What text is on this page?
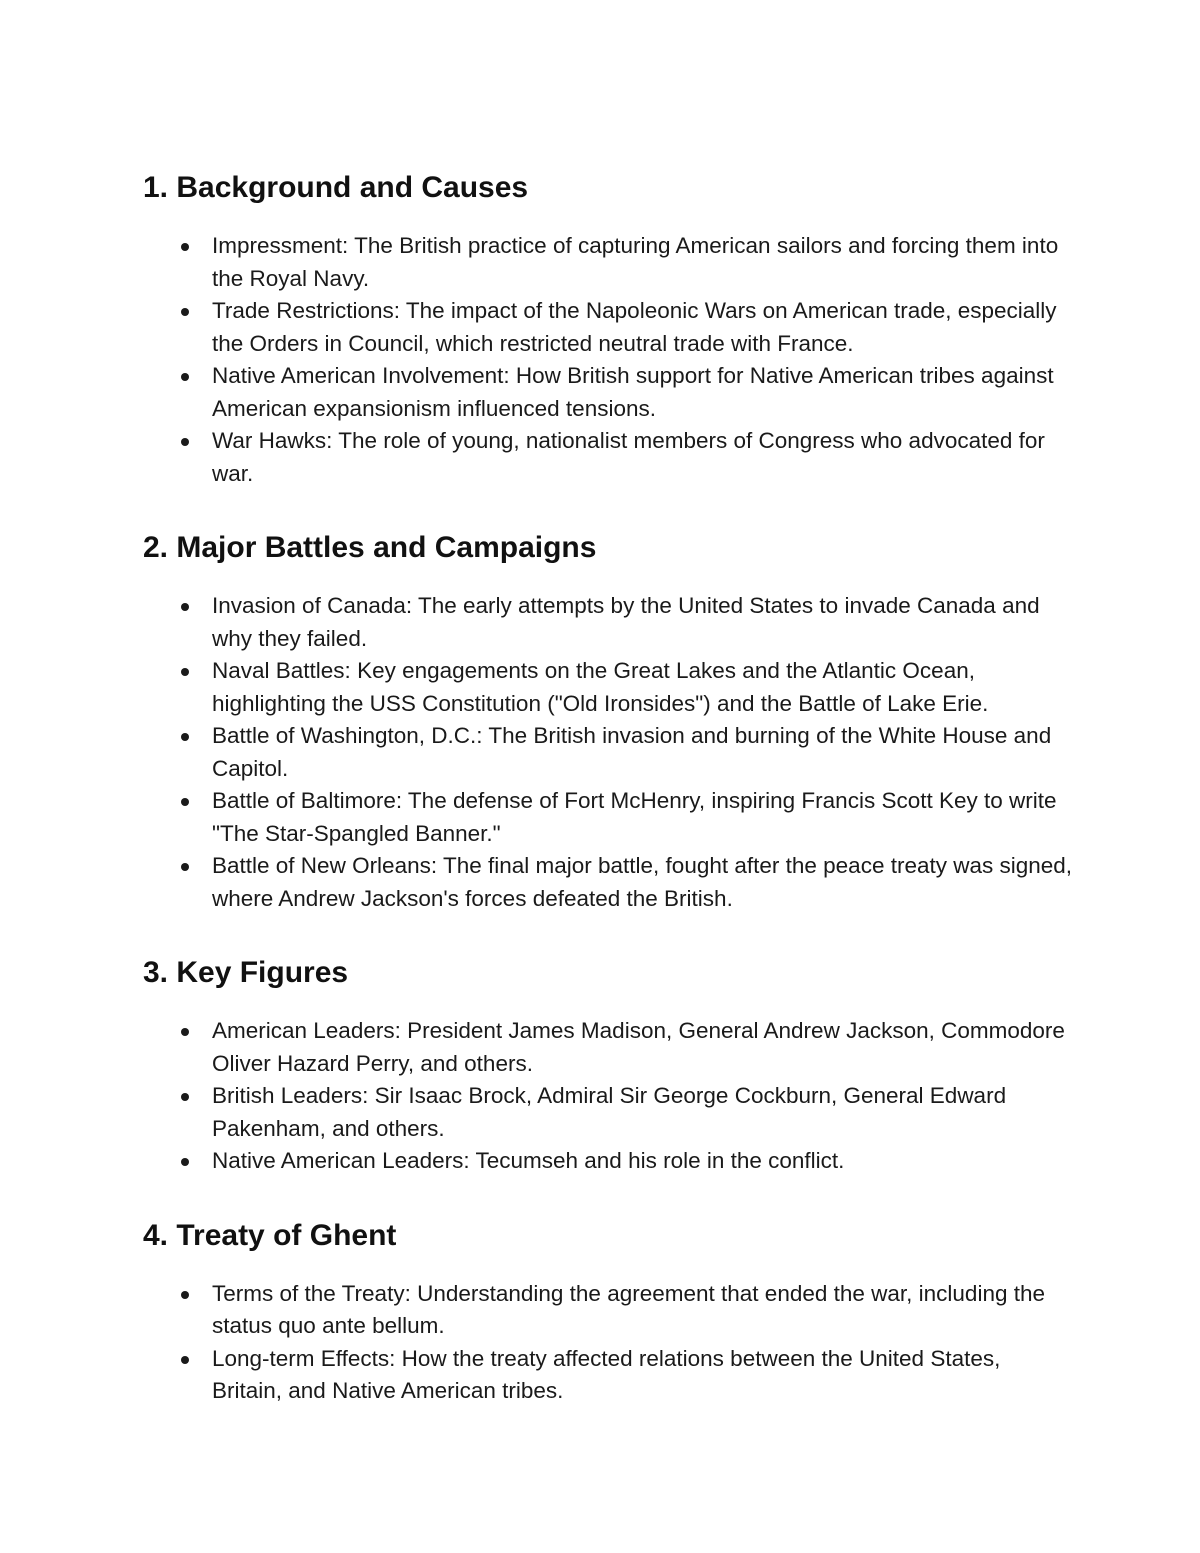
1. Background and Causes
Impressment: The British practice of capturing American sailors and forcing them into the Royal Navy.
Trade Restrictions: The impact of the Napoleonic Wars on American trade, especially the Orders in Council, which restricted neutral trade with France.
Native American Involvement: How British support for Native American tribes against American expansionism influenced tensions.
War Hawks: The role of young, nationalist members of Congress who advocated for war.
2. Major Battles and Campaigns
Invasion of Canada: The early attempts by the United States to invade Canada and why they failed.
Naval Battles: Key engagements on the Great Lakes and the Atlantic Ocean, highlighting the USS Constitution ("Old Ironsides") and the Battle of Lake Erie.
Battle of Washington, D.C.: The British invasion and burning of the White House and Capitol.
Battle of Baltimore: The defense of Fort McHenry, inspiring Francis Scott Key to write "The Star-Spangled Banner."
Battle of New Orleans: The final major battle, fought after the peace treaty was signed, where Andrew Jackson's forces defeated the British.
3. Key Figures
American Leaders: President James Madison, General Andrew Jackson, Commodore Oliver Hazard Perry, and others.
British Leaders: Sir Isaac Brock, Admiral Sir George Cockburn, General Edward Pakenham, and others.
Native American Leaders: Tecumseh and his role in the conflict.
4. Treaty of Ghent
Terms of the Treaty: Understanding the agreement that ended the war, including the status quo ante bellum.
Long-term Effects: How the treaty affected relations between the United States, Britain, and Native American tribes.
